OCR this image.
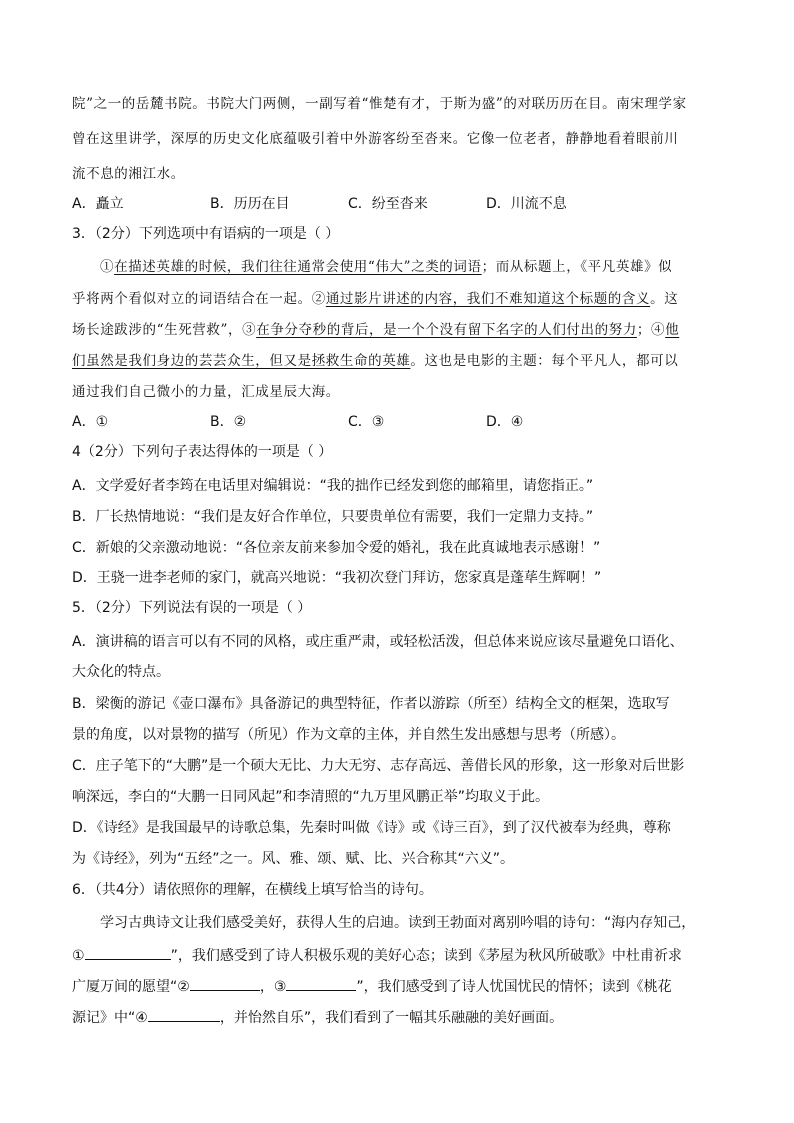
院”之一的岳麓书院。书院大门两侧，一副写着“惟楚有才，于斯为盛”的对联历历在目。南宋理学家
曾在这里讲学，深厚的历史文化底蕴吸引着中外游客纷至沓来。它像一位老者，静静地看着眼前川
流不息的湘江水。
A．矗立	B．历历在目	C．纷至沓来	D．川流不息
3．（2分）下列选项中有语病的一项是（ ）
①在描述英雄的时候，我们往往通常会使用“伟大”之类的词语；而从标题上，《平凡英雄》似
乎将两个看似对立的词语结合在一起。②通过影片讲述的内容，我们不难知道这个标题的含义。这
场长途跋涉的“生死营救”，③在争分夺秒的背后，是一个个没有留下名字的人们付出的努力；④他
们虽然是我们身边的芸芸众生，但又是拯救生命的英雄。这也是电影的主题：每个平凡人，都可以
通过我们自己微小的力量，汇成星辰大海。
A．①	B．②	C．③	D．④
4（2分）下列句子表达得体的一项是（ ）
A．文学爱好者李筠在电话里对编辑说：“我的拙作已经发到您的邮箱里，请您指正。”
B．厂长热情地说：“我们是友好合作单位，只要贵单位有需要，我们一定鼎力支持。”
C．新娘的父亲激动地说：“各位亲友前来参加令爱的婚礼，我在此真诚地表示感谢！”
D．王骁一进李老师的家门，就高兴地说：“我初次登门拜访，您家真是蓬荜生辉啊！”
5．（2分）下列说法有误的一项是（ ）
A．演讲稿的语言可以有不同的风格，或庄重严肃，或轻松活泼，但总体来说应该尽量避免口语化、
大众化的特点。
B．梁衡的游记《壶口瀑布》具备游记的典型特征，作者以游踪（所至）结构全文的框架，选取写
景的角度，以对景物的描写（所见）作为文章的主体，并自然生发出感想与思考（所感）。
C．庄子笔下的“大鹏”是一个硕大无比、力大无穷、志存高远、善借长风的形象，这一形象对后世影
响深远，李白的“大鹏一日同风起”和李清照的“九万里风鹏正举”均取义于此。
D．《诗经》是我国最早的诗歌总集，先秦时叫做《诗》或《诗三百》，到了汉代被奉为经典，尊称
为《诗经》，列为“五经”之一。风、雅、颂、赋、比、兴合称其“六义”。
6．（共4分）请依照你的理解，在横线上填写恰当的诗句。
学习古典诗文让我们感受美好，获得人生的启迪。读到王勃面对离别吟唱的诗句：“海内存知己，
①	”，我们感受到了诗人积极乐观的美好心态；读到《茅屋为秋风所破歌》中杜甫祈求
广厦万间的愿望“②	，③	”，我们感受到了诗人忧国忧民的情怀；读到《桃花
源记》中“④	，并怡然自乐”，我们看到了一幅其乐融融的美好画面。
